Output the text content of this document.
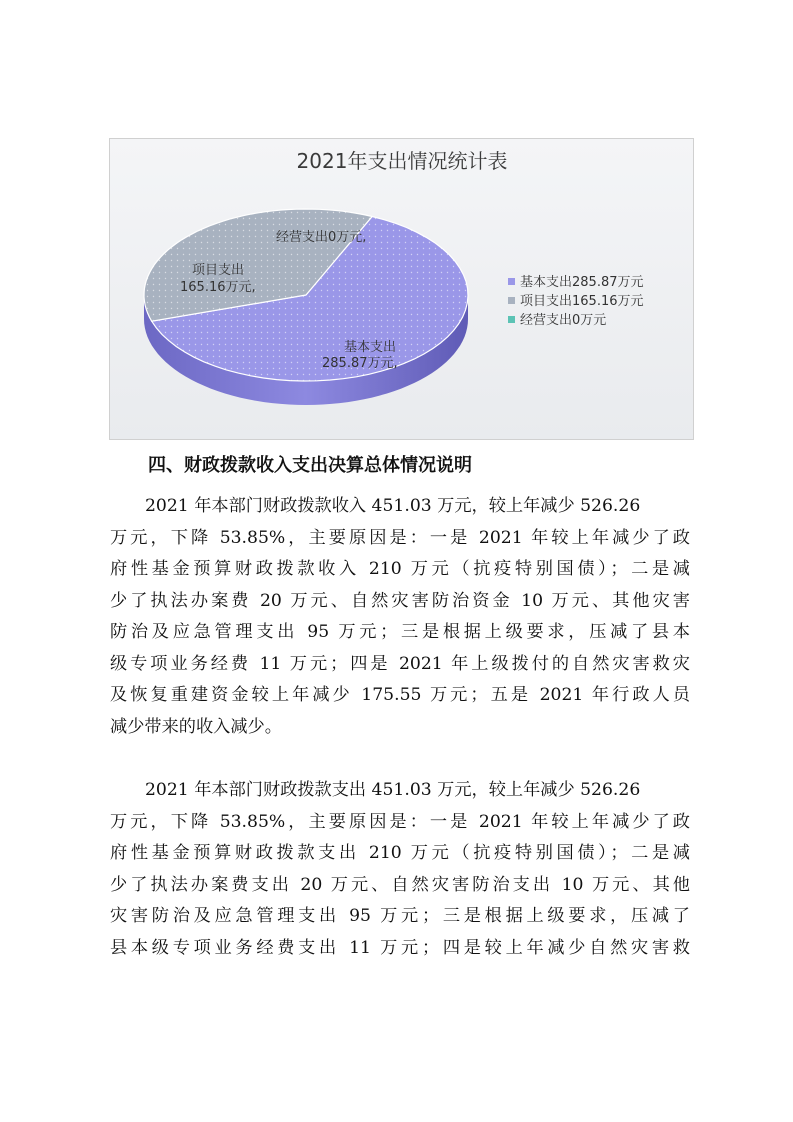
2021年支出情况统计表
经营支出0万元,
项目支出
165.16万元,
基本支出
285.87万元,
基本支出285.87万元
项目支出165.16万元
经营支出0万元
四、财政拨款收入支出决算总体情况说明
2021 年本部门财政拨款收入 451.03 万元，较上年减少 526.26
万元，下降 53.85%，主要原因是：一是 2021 年较上年减少了政
府性基金预算财政拨款收入 210 万元（抗疫特别国债）；二是减
少了执法办案费 20 万元、自然灾害防治资金 10 万元、其他灾害
防治及应急管理支出 95 万元；三是根据上级要求，压减了县本
级专项业务经费 11 万元；四是 2021 年上级拨付的自然灾害救灾
及恢复重建资金较上年减少 175.55 万元；五是 2021 年行政人员
减少带来的收入减少。
2021 年本部门财政拨款支出 451.03 万元，较上年减少 526.26
万元，下降 53.85%，主要原因是：一是 2021 年较上年减少了政
府性基金预算财政拨款支出 210 万元（抗疫特别国债）；二是减
少了执法办案费支出 20 万元、自然灾害防治支出 10 万元、其他
灾害防治及应急管理支出 95 万元；三是根据上级要求，压减了
县本级专项业务经费支出 11 万元；四是较上年减少自然灾害救
